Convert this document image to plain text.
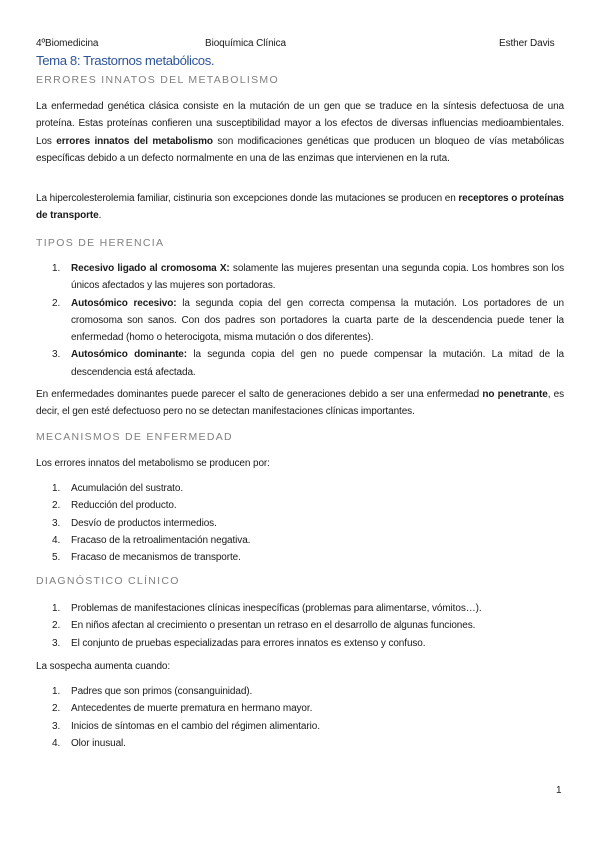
4ºBiomedicina	Bioquímica Clínica	Esther Davis
Tema 8: Trastornos metabólicos.
ERRORES INNATOS DEL METABOLISMO
La enfermedad genética clásica consiste en la mutación de un gen que se traduce en la síntesis defectuosa de una proteína. Estas proteínas confieren una susceptibilidad mayor a los efectos de diversas influencias medioambientales. Los errores innatos del metabolismo son modificaciones genéticas que producen un bloqueo de vías metabólicas específicas debido a un defecto normalmente en una de las enzimas que intervienen en la ruta.
La hipercolesterolemia familiar, cistinuria son excepciones donde las mutaciones se producen en receptores o proteínas de transporte.
TIPOS DE HERENCIA
1. Recesivo ligado al cromosoma X: solamente las mujeres presentan una segunda copia. Los hombres son los únicos afectados y las mujeres son portadoras.
2. Autosómico recesivo: la segunda copia del gen correcta compensa la mutación. Los portadores de un cromosoma son sanos. Con dos padres son portadores la cuarta parte de la descendencia puede tener la enfermedad (homo o heterocigota, misma mutación o dos diferentes).
3. Autosómico dominante: la segunda copia del gen no puede compensar la mutación. La mitad de la descendencia está afectada.
En enfermedades dominantes puede parecer el salto de generaciones debido a ser una enfermedad no penetrante, es decir, el gen esté defectuoso pero no se detectan manifestaciones clínicas importantes.
MECANISMOS DE ENFERMEDAD
Los errores innatos del metabolismo se producen por:
1. Acumulación del sustrato.
2. Reducción del producto.
3. Desvío de productos intermedios.
4. Fracaso de la retroalimentación negativa.
5. Fracaso de mecanismos de transporte.
DIAGNÓSTICO CLÍNICO
1. Problemas de manifestaciones clínicas inespecíficas (problemas para alimentarse, vómitos…).
2. En niños afectan al crecimiento o presentan un retraso en el desarrollo de algunas funciones.
3. El conjunto de pruebas especializadas para errores innatos es extenso y confuso.
La sospecha aumenta cuando:
1. Padres que son primos (consanguinidad).
2. Antecedentes de muerte prematura en hermano mayor.
3. Inicios de síntomas en el cambio del régimen alimentario.
4. Olor inusual.
1
